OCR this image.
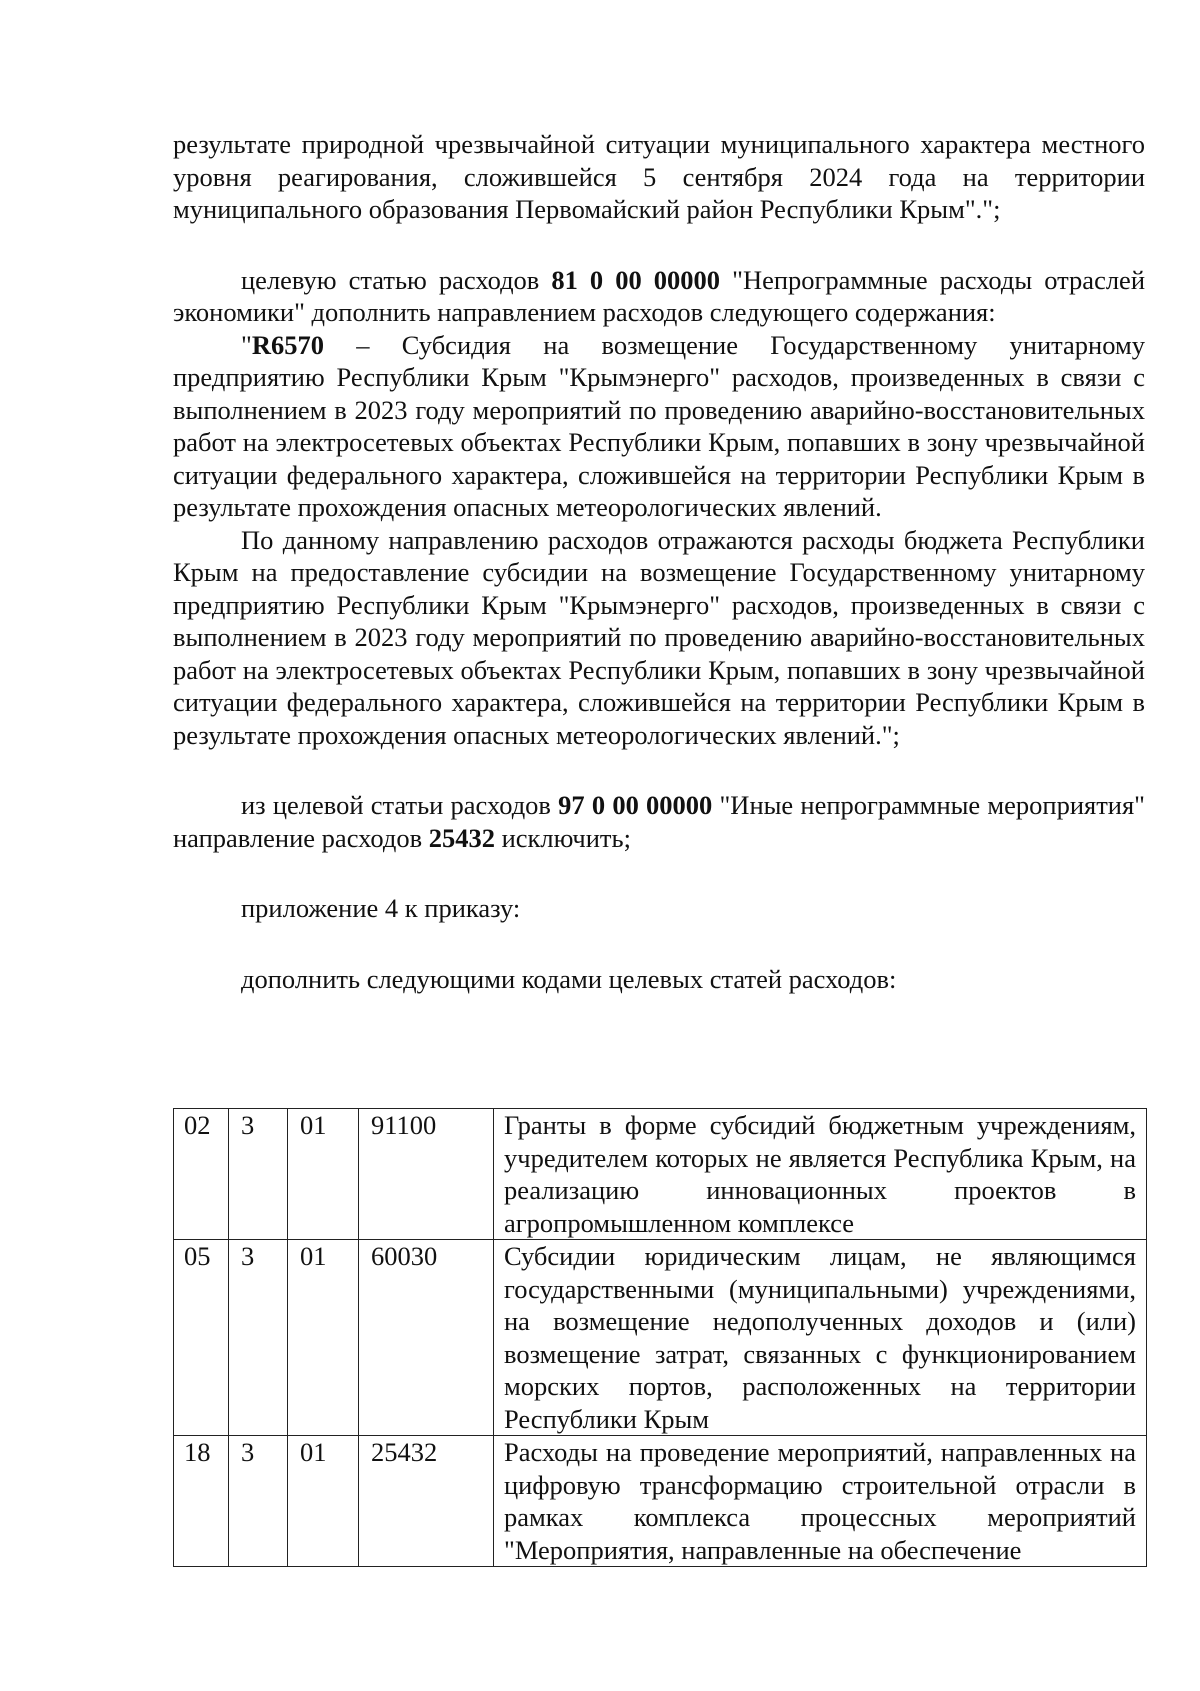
результате природной чрезвычайной ситуации муниципального характера местного уровня реагирования, сложившейся 5 сентября 2024 года на территории муниципального образования Первомайский район Республики Крым".";

целевую статью расходов 81 0 00 00000 "Непрограммные расходы отраслей экономики" дополнить направлением расходов следующего содержания:

"R6570 – Субсидия на возмещение Государственному унитарному предприятию Республики Крым "Крымэнерго" расходов, произведенных в связи с выполнением в 2023 году мероприятий по проведению аварийно-восстановительных работ на электросетевых объектах Республики Крым, попавших в зону чрезвычайной ситуации федерального характера, сложившейся на территории Республики Крым в результате прохождения опасных метеорологических явлений.

По данному направлению расходов отражаются расходы бюджета Республики Крым на предоставление субсидии на возмещение Государственному унитарному предприятию Республики Крым "Крымэнерго" расходов, произведенных в связи с выполнением в 2023 году мероприятий по проведению аварийно-восстановительных работ на электросетевых объектах Республики Крым, попавших в зону чрезвычайной ситуации федерального характера, сложившейся на территории Республики Крым в результате прохождения опасных метеорологических явлений.";

из целевой статьи расходов 97 0 00 00000 "Иные непрограммные мероприятия" направление расходов 25432 исключить;

приложение 4 к приказу:

дополнить следующими кодами целевых статей расходов:

02	3	01	91100	Гранты в форме субсидий бюджетным учреждениям, учредителем которых не является Республика Крым, на реализацию инновационных проектов в агропромышленном комплексе
05	3	01	60030	Субсидии юридическим лицам, не являющимся государственными (муниципальными) учреждениями, на возмещение недополученных доходов и (или) возмещение затрат, связанных с функционированием морских портов, расположенных на территории Республики Крым
18	3	01	25432	Расходы на проведение мероприятий, направленных на цифровую трансформацию строительной отрасли в рамках комплекса процессных мероприятий "Мероприятия, направленные на обеспечение
